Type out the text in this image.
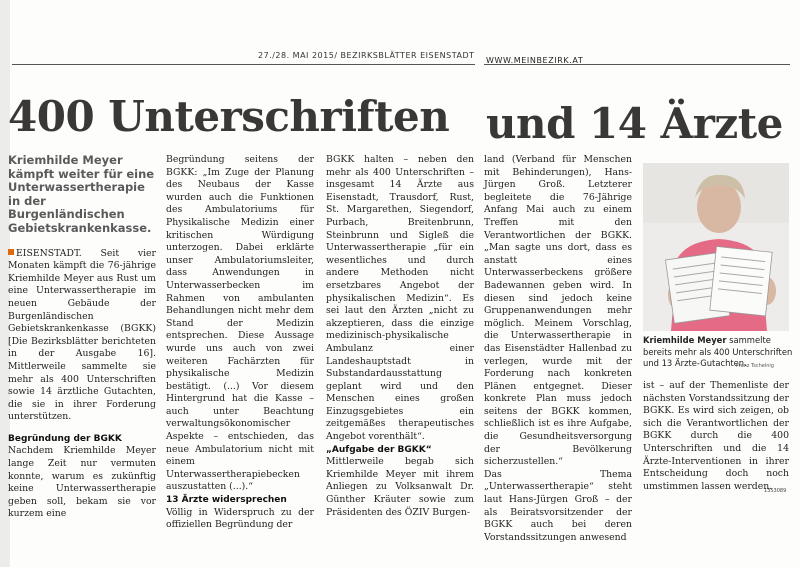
27./28. MAI 2015/ BEZIRKSBLÄTTER EISENSTADT
WWW.MEINBEZIRK.AT
400 Unterschriften und 14 Ärzte

Kriemhilde Meyer kämpft weiter für eine Unterwassertherapie in der Burgenländischen Gebietskrankenkasse.

EISENSTADT. Seit vier Monaten kämpft die 76-jährige Kriemhilde Meyer aus Rust um eine Unterwassertherapie im neuen Gebäude der Burgenländischen Gebietskrankenkasse (BGKK) [Die Bezirksblätter berichteten in der Ausgabe 16]. Mittlerweile sammelte sie mehr als 400 Unterschriften sowie 14 ärztliche Gutachten, die sie in ihrer Forderung unterstützen.

Begründung der BGKK

Nachdem Kriemhilde Meyer lange Zeit nur vermuten konnte, warum es zukünftig keine Unterwassertherapie geben soll, bekam sie vor kurzem eine

Begründung seitens der BGKK: „Im Zuge der Planung des Neubaus der Kasse wurden auch die Funktionen des Ambulatoriums für Physikalische Medizin einer kritischen Würdigung unterzogen. Dabei erklärte unser Ambulatoriumsleiter, dass Anwendungen in Unterwasserbecken im Rahmen von ambulanten Behandlungen nicht mehr dem Stand der Medizin entsprechen. Diese Aussage wurde uns auch von zwei weiteren Fachärzten für physikalische Medizin bestätigt. (...) Vor diesem Hintergrund hat die Kasse – auch unter Beachtung verwaltungsökonomischer Aspekte – entschieden, das neue Ambulatorium nicht mit einem Unterwassertherapiebecken auszustatten (...).“

13 Ärzte widersprechen

Völlig in Widerspruch zu der offiziellen Begründung der

BGKK halten – neben den mehr als 400 Unterschriften – insgesamt 14 Ärzte aus Eisenstadt, Trausdorf, Rust, St. Margarethen, Siegendorf, Purbach, Breitenbrunn, Steinbrunn und Sigleß die Unterwassertherapie „für ein wesentliches und durch andere Methoden nicht ersetzbares Angebot der physikalischen Medizin“. Es sei laut den Ärzten „nicht zu akzeptieren, dass die einzige medizinisch-physikalische Ambulanz einer Landeshauptstadt in Substandardausstattung geplant wird und den Menschen eines großen Einzugsgebietes ein zeitgemäßes therapeutisches Angebot vorenthält“.

„Aufgabe der BGKK“

Mittlerweile begab sich Kriemhilde Meyer mit ihrem Anliegen zu Volksanwalt Dr. Günther Kräuter sowie zum Präsidenten des ÖZIV Burgen-

land (Verband für Menschen mit Behinderungen), Hans-Jürgen Groß. Letzterer begleitete die 76-Jährige Anfang Mai auch zu einem Treffen mit den Verantwortlichen der BGKK. „Man sagte uns dort, dass es anstatt eines Unterwasserbeckens größere Badewannen geben wird. In diesen sind jedoch keine Gruppenanwendungen mehr möglich. Meinem Vorschlag, die Unterwassertherapie in das Eisenstädter Hallenbad zu verlegen, wurde mit der Forderung nach konkreten Plänen entgegnet. Dieser konkrete Plan muss jedoch seitens der BGKK kommen, schließlich ist es ihre Aufgabe, die Gesundheitsversorgung der Bevölkerung sicherzustellen.“

Das Thema „Unterwassertherapie“ steht laut Hans-Jürgen Groß – der als Beiratsvorsitzender der BGKK auch bei deren Vorstandssitzungen anwesend

Kriemhilde Meyer sammelte bereits mehr als 400 Unterschriften und 13 Ärzte-Gutachten.
Franz Tschelnig

ist – auf der Themenliste der nächsten Vorstandssitzung der BGKK. Es wird sich zeigen, ob sich die Verantwortlichen der BGKK durch die 400 Unterschriften und die 14 Ärzte-Interventionen in ihrer Entscheidung doch noch umstimmen lassen werden.

1353089
